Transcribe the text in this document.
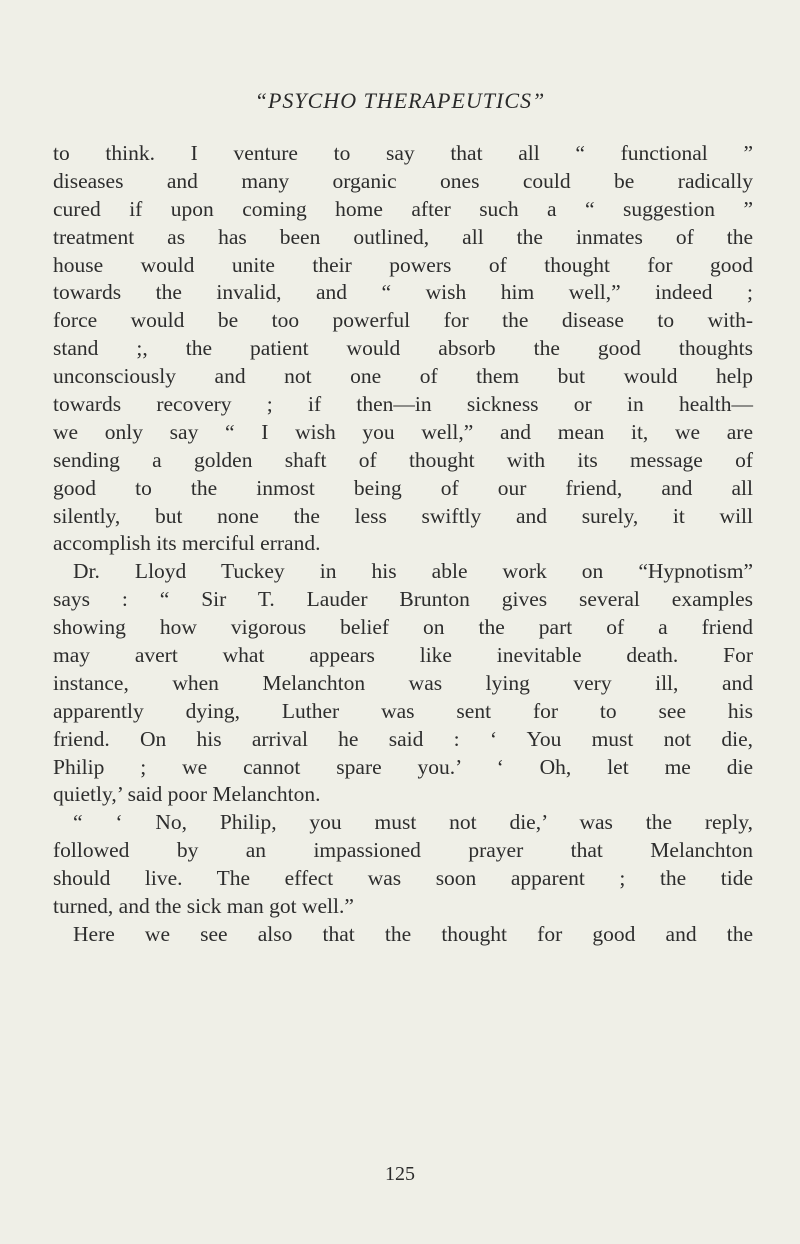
“PSYCHO THERAPEUTICS”
to think. I venture to say that all “ functional ”
diseases and many organic ones could be radically
cured if upon coming home after such a “ suggestion ”
treatment as has been outlined, all the inmates of the
house would unite their powers of thought for good
towards the invalid, and “ wish him well,” indeed ;
force would be too powerful for the disease to with-
stand ;, the patient would absorb the good thoughts
unconsciously and not one of them but would help
towards recovery ; if then—in sickness or in health—
we only say “ I wish you well,” and mean it, we are
sending a golden shaft of thought with its message of
good to the inmost being of our friend, and all
silently, but none the less swiftly and surely, it will
accomplish its merciful errand.
Dr. Lloyd Tuckey in his able work on “Hypnotism”
says : “ Sir T. Lauder Brunton gives several examples
showing how vigorous belief on the part of a friend
may avert what appears like inevitable death. For
instance, when Melanchton was lying very ill, and
apparently dying, Luther was sent for to see his
friend. On his arrival he said : ‘ You must not die,
Philip ; we cannot spare you.’ ‘ Oh, let me die
quietly,’ said poor Melanchton.
“ ‘ No, Philip, you must not die,’ was the reply,
followed by an impassioned prayer that Melanchton
should live. The effect was soon apparent ; the tide
turned, and the sick man got well.”
Here we see also that the thought for good and the
125
